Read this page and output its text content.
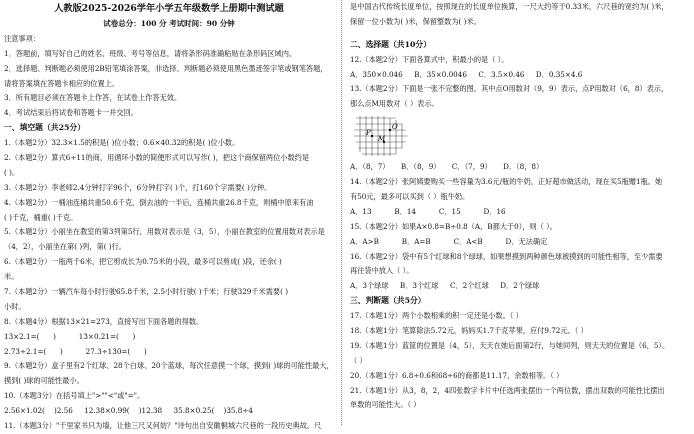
人教版2025-2026学年小学五年级数学上册期中测试题
试卷总分：100 分 考试时间：90 分钟
注意事项：
1．答题前，填写好自己的姓名、班级、考号等信息，请将条形码准确粘贴在条形码区域内。
2．选择题、判断题必须使用2B铅笔填涂答案，非选择、判断题必须使用黑色墨迹签字笔或钢笔答题，
请将答案填在答题卡相应的位置上。
3．所有题目必须在答题卡上作答，在试卷上作答无效。
4．考试结束后将试卷和答题卡一并交回。
一、填空题（共25分）
1.（本题2分）32.3×1.5的积是( )位小数；0.6×40.32的积是( )位小数。
2.（本题2分）算式6÷11的商，用循环小数的简便形式可以写作( )，把这个商保留两位小数约是
( )。
3.（本题2分）李老师2.4分钟打字96个，6分钟打字( )个，打160个字需要( )分钟。
4.（本题2分）一桶油连桶共重50.6千克，倒去油的一半后，连桶共重26.8千克，则桶中原来有油
( )千克，桶重( )千克。
5.（本题2分）小丽坐在教室的第3列第5行，用数对表示是（3，5），小丽在教室的位置用数对表示是
（4，2），小丽坐在第( )列，第( )行。
6.（本题2分）一瓶两千6米，把它剪成长为0.75米的小段，最多可以剪成( )段，还余( )
米。
7.（本题2分）一辆汽车每小时行驶65.8千米，2.5小时行驶( )千米；行驶329千米需要( )
小时。
8.（本题4分）根据13×21=273，直接写出下面各题的得数。
13×2.1=(      )          13×0.21=(      )
2.73÷2.1=(      )          27.3÷130=(      )
9.（本题2分）盒子里有2个红球、28个白球、20个蓝球，每次任意摸一个球，摸到( )球的可能性最大，
摸到( )球的可能性最小。
10.（本题3分）在括号填上">""<"或"="。
2.56×1.02(    )2.56     12.38×0.99(    )12.38     35.8×0.25(    )35.8÷4
11.（本题3分）"千里家书只为墙，让他三尺又何妨？"诗句出自安徽桐城六尺巷的一段历史典故。尺
是中国古代传统长度单位，按照现在的长度单位换算，一尺大约等于0.33米，六尺巷的宽约为( )米，
保留一位小数为( )米，保留整数为( )米。
二、选择题（共10分）
12.（本题2分）下面各算式中，积最小的是（ ）。
A．350×0.046     B．35×0.0046     C．3.5×0.46     D．0.35×4.6
13.（本题2分）下面是一张不完整的图，其中点O用数对（9，9）表示，点P用数对（6，8）表示，
那么点M用数对（ ）表示。
P
O
M
A．（8，7）     B．（8，9）     C．（7，9）     D．（8，8）
14.（本题2分）张阿姨要购买一些容量为3.6元/瓶的牛奶，正好超市做活动，现在买5瓶赠1瓶。她
有50元，最多可以买到（ ）瓶牛奶。
A．13          B．14          C．15          D．16
15.（本题2分）如果A×0.8=B÷0.8（A，B都大于0），则（ ）。
A．A>B          B．A=B          C．A<B          D．无法确定
16.（本题2分）袋中有5个红球和8个绿球，如果想摸到两种颜色球被摸到的可能性相等，至少需要
再往袋中放入（ ）。
A．3个绿球     B．3个红球     C．2个红球     D．2个绿球
三、判断题（共5分）
17.（本题1分）两个小数相乘的积一定还是小数。（ ）
18.（本题1分）笔算除法5.72元，妈妈买1.7千克苹果，应付9.72元。（ ）
19.（本题1分）蓝筐的位置是（4，5），天天在她后面第2行，与她同列，则天天的位置是（6，5）。
（ ）
20.（本题1分）6.8÷0.6和68÷6的商都是11.17，余数相等。（ ）
21.（本题1分）从3，8，2，4四张数字卡片中任选两张摆出一个两位数，摆出双数的可能性比摆出
单数的可能性大。（ ）
